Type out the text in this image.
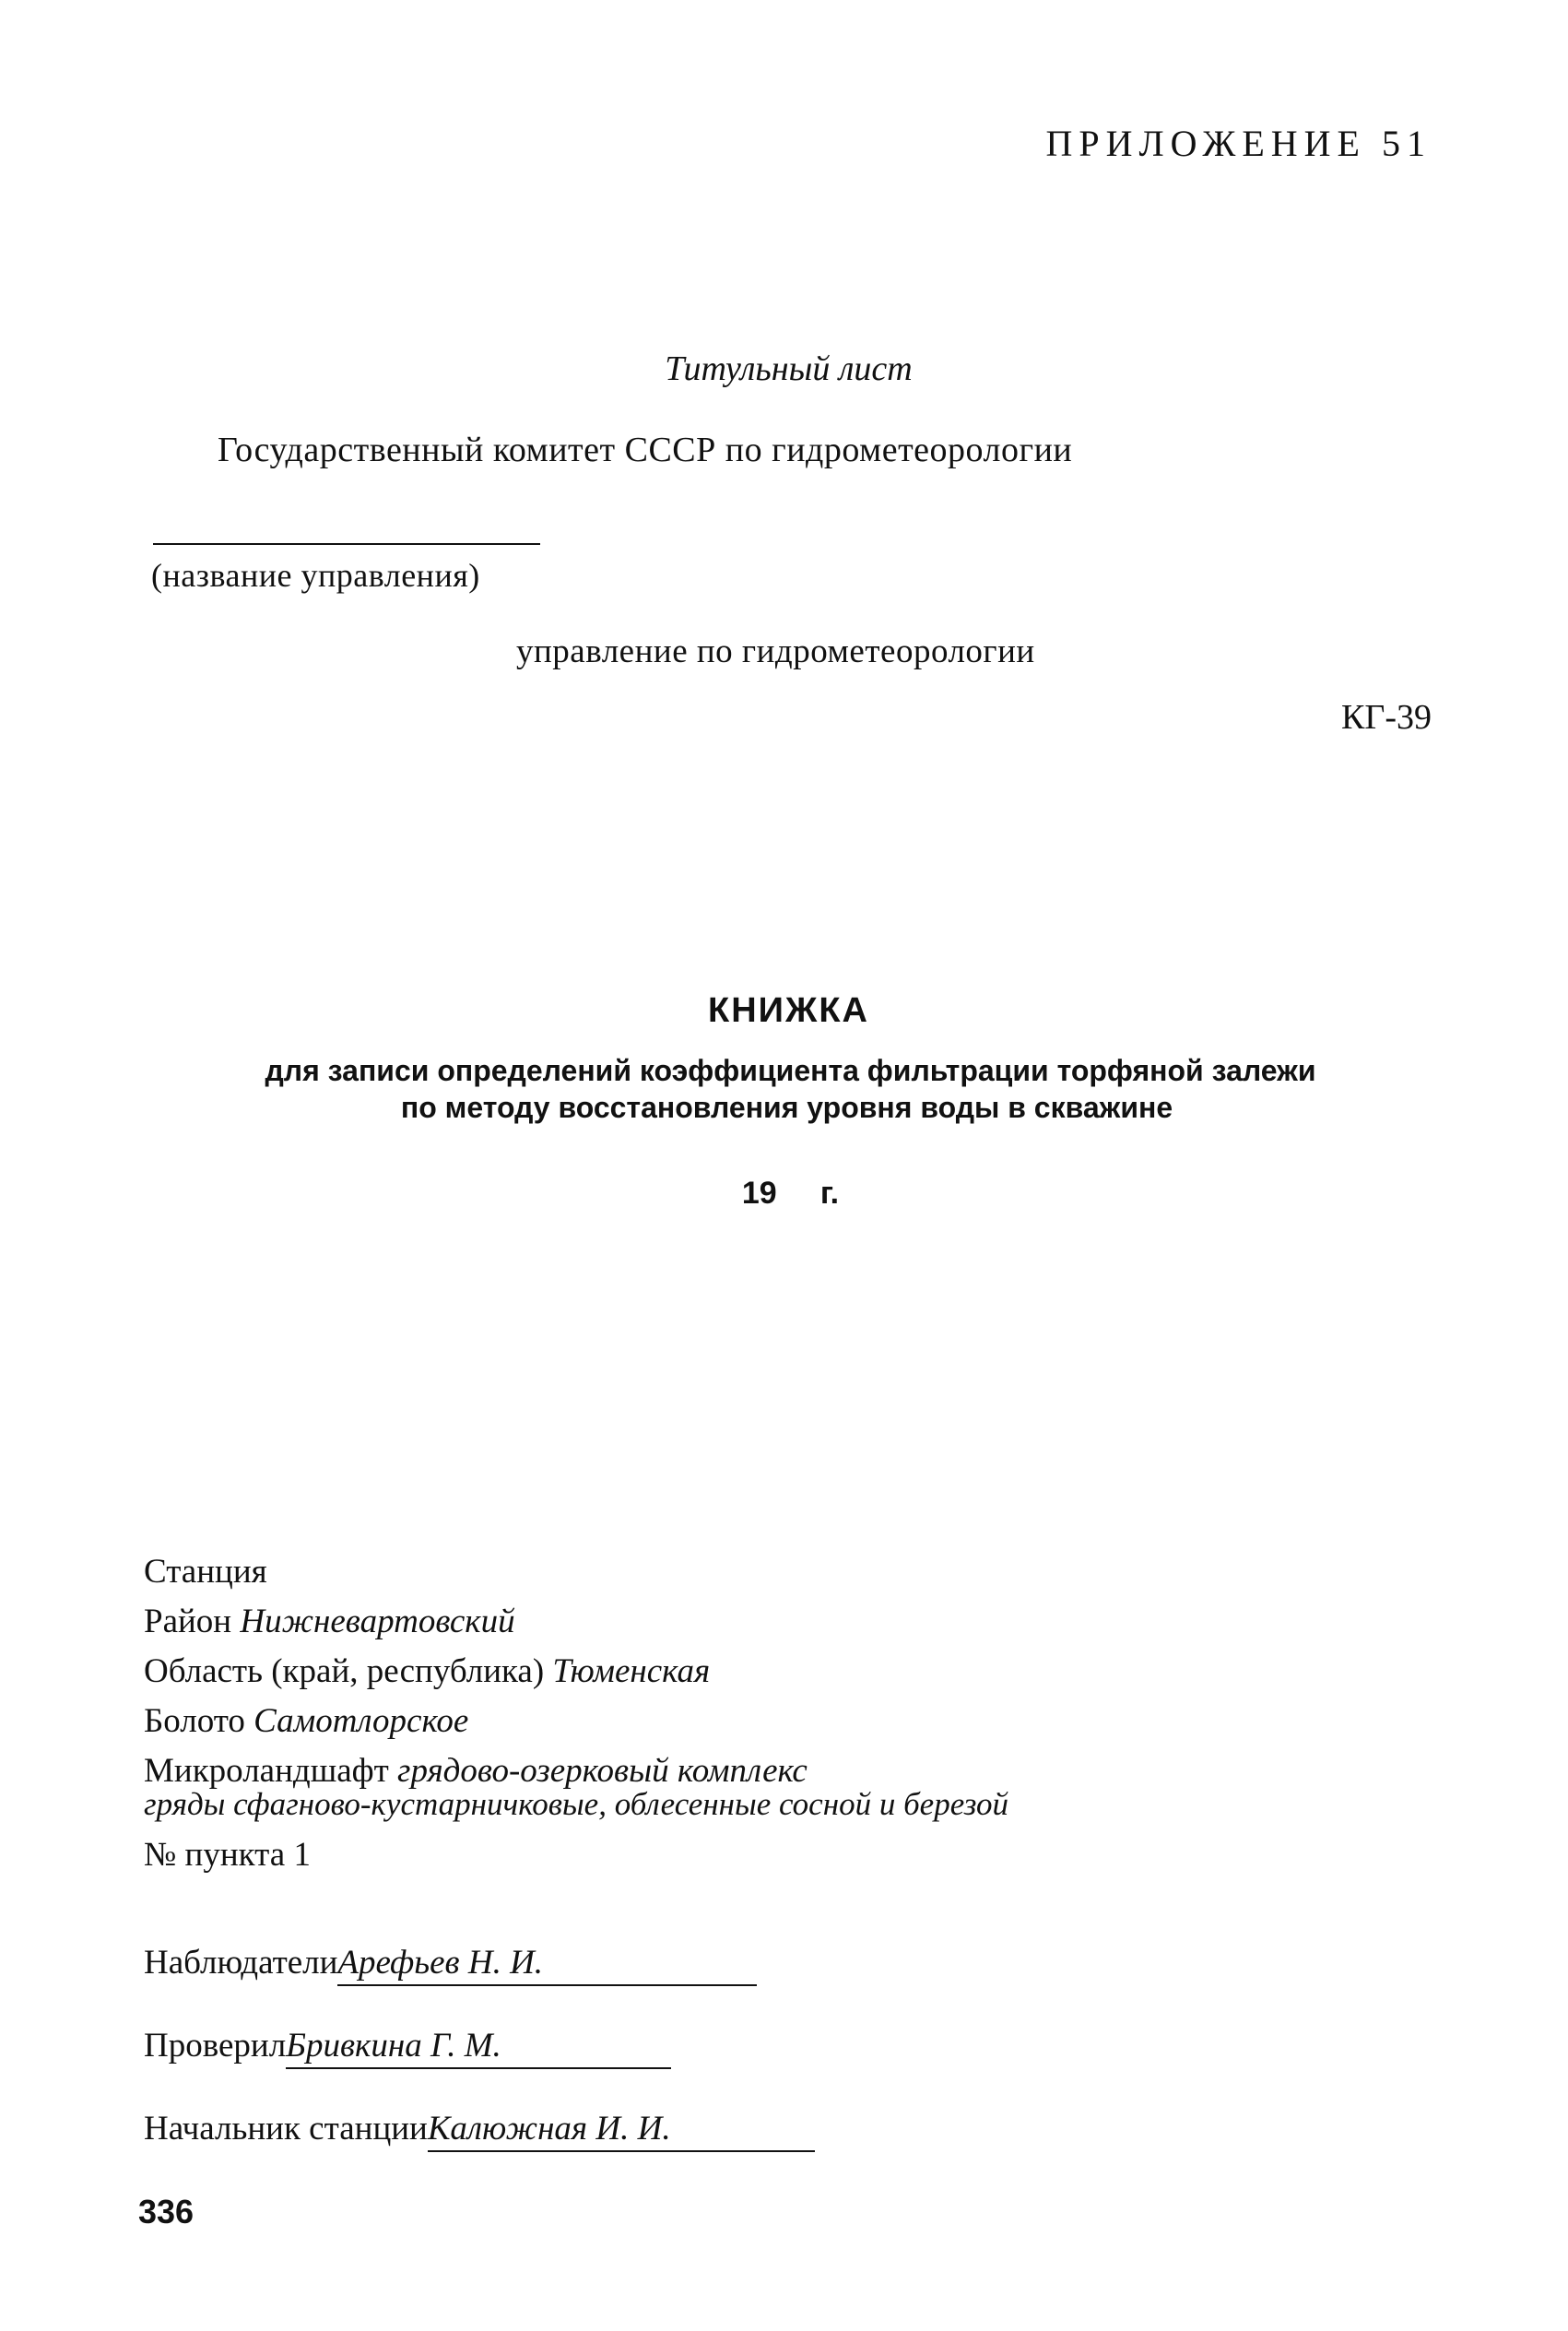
ПРИЛОЖЕНИЕ 51
Титульный лист
Государственный комитет СССР по гидрометеорологии
(название управления)
управление по гидрометеорологии
КГ-39
КНИЖКА
для записи определений коэффициента фильтрации торфяной залежи
по методу восстановления уровня воды в скважине
19 г.
Станция
Район Нижневартовский
Область (край, республика) Тюменская
Болото Самотлорское
Микроландшафт грядово-озерковый комплекс
гряды сфагново-кустарничковые, облесенные сосной и березой
№ пункта 1
НаблюдателиАрефьев Н. И.
ПроверилБривкина Г. М.
Начальник станцииКалюжная И. И.
336
